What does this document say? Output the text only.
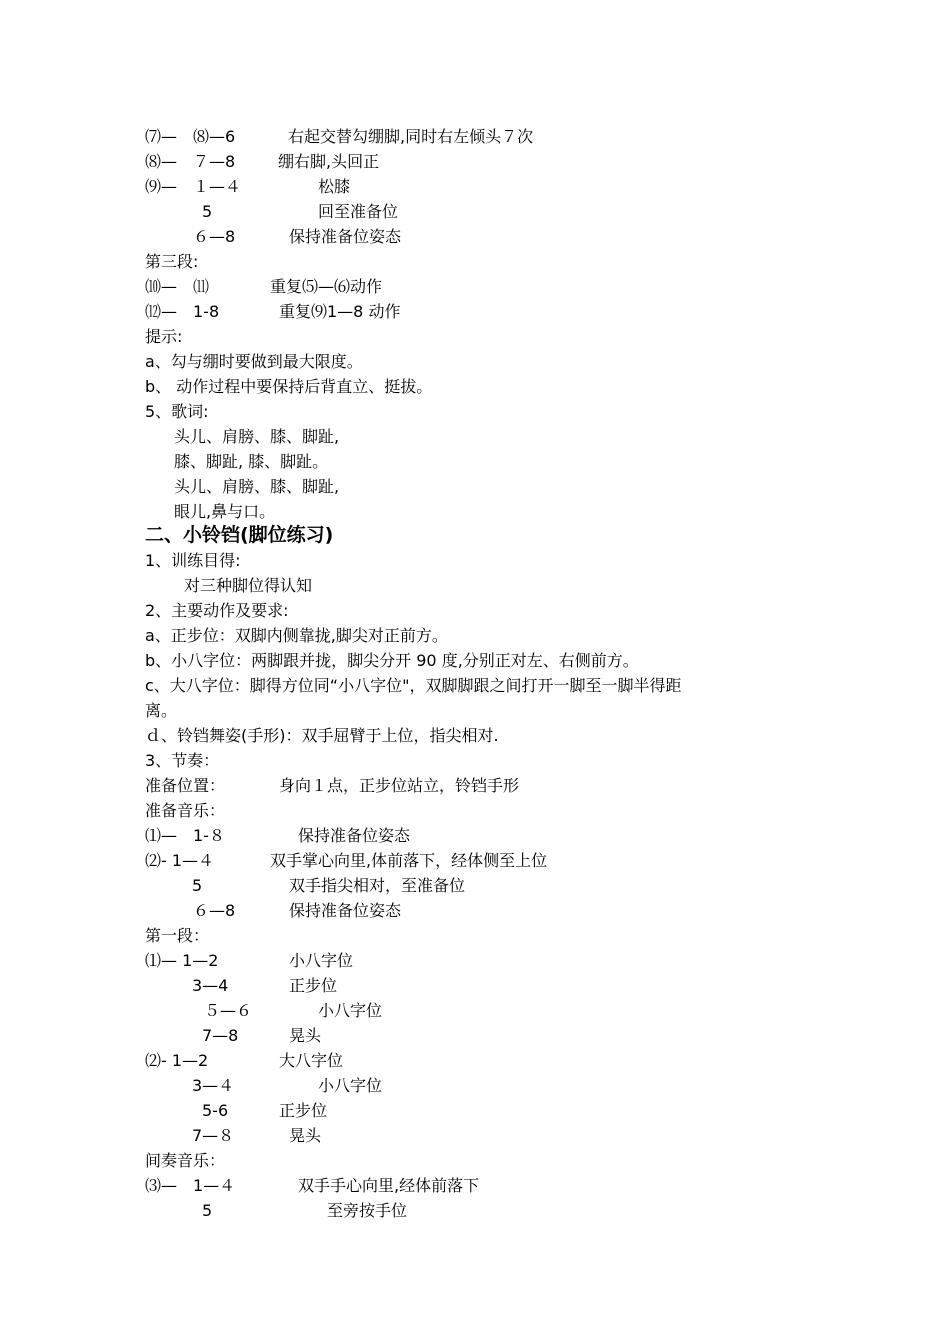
⑺—　⑻—6	右起交替勾绷脚,同时右左倾头７次
⑻—　７—8	绷右脚,头回正
⑼—　１—４	松膝
5	回至准备位
６—8	保持准备位姿态
第三段:
⑽—　⑾	重复⑸—⑹动作
⑿—　1-8	重复⑼1—8 动作
提示:
a、勾与绷时要做到最大限度。
b、 动作过程中要保持后背直立、挺拔。
5、歌词:
头儿、肩膀、膝、脚趾,
膝、脚趾, 膝、脚趾。
头儿、肩膀、膝、脚趾,
眼儿,鼻与口。
二、小铃铛(脚位练习)
1、训练目得:
对三种脚位得认知
2、主要动作及要求:
a、正步位：双脚内侧靠拢,脚尖对正前方。
b、小八字位：两脚跟并拢，脚尖分开 90 度,分别正对左、右侧前方。
c、大八字位：脚得方位同“小八字位"，双脚脚跟之间打开一脚至一脚半得距
离。
ｄ、铃铛舞姿(手形)：双手屈臂于上位，指尖相对.
3、节奏：
准备位置：	身向１点，正步位站立，铃铛手形
准备音乐：
⑴—　1-８	保持准备位姿态
⑵- 1—４	双手掌心向里,体前落下，经体侧至上位
5	双手指尖相对，至准备位
６—8	保持准备位姿态
第一段：
⑴— 1—2	小八字位
3—4	正步位
５—６	小八字位
7—8	晃头
⑵- 1—2	大八字位
3—４	小八字位
5-6	正步位
7—８	晃头
间奏音乐：
⑶—　1—４	双手手心向里,经体前落下
5	至旁按手位
